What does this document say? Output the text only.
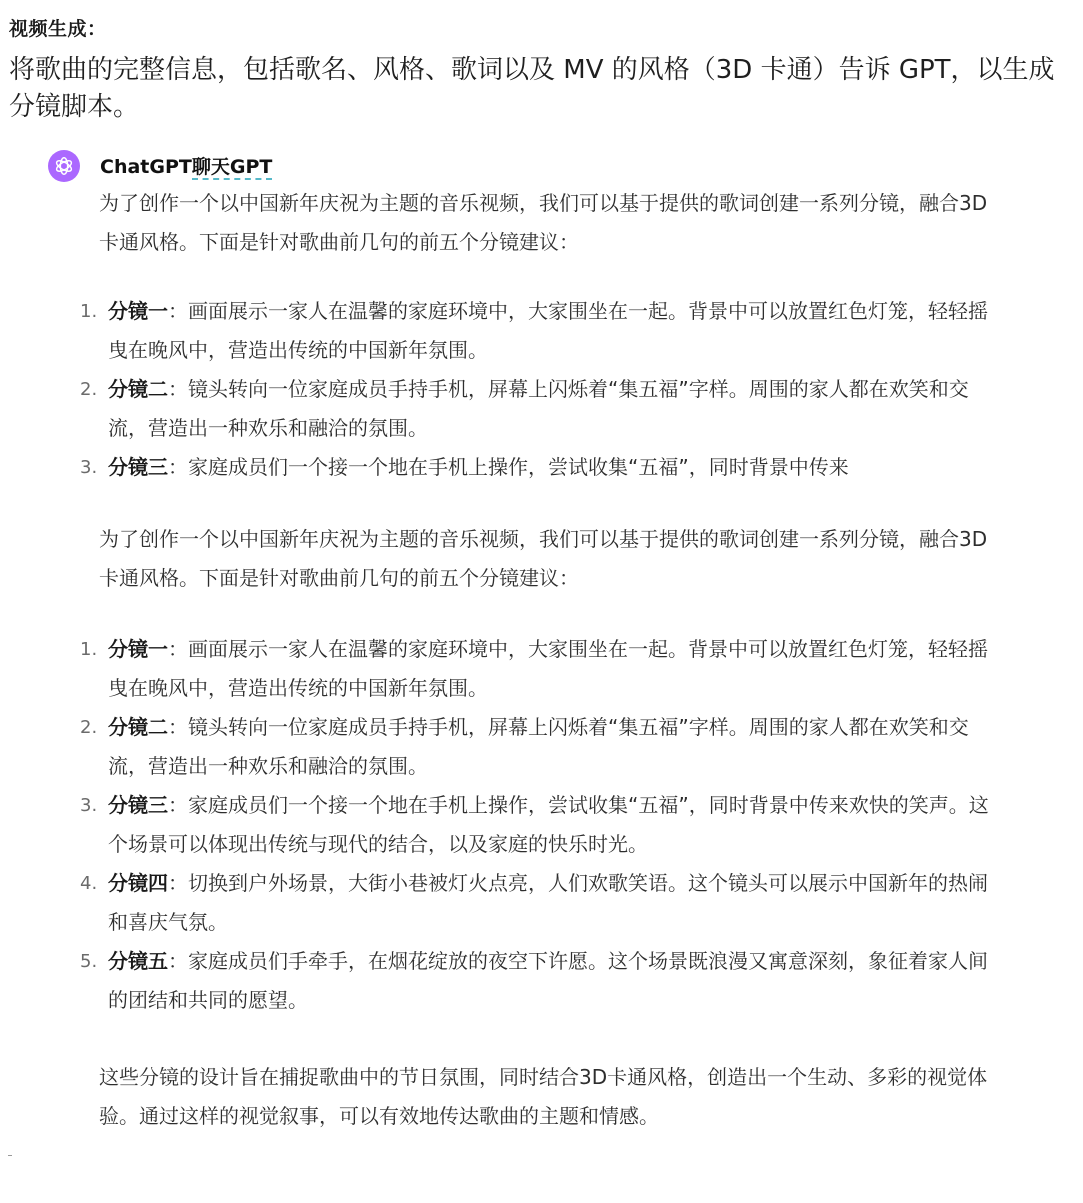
视频生成：
将歌曲的完整信息，包括歌名、风格、歌词以及 MV 的风格（3D 卡通）告诉 GPT，以生成分镜脚本。
ChatGPT聊天GPT
为了创作一个以中国新年庆祝为主题的音乐视频，我们可以基于提供的歌词创建一系列分镜，融合3D卡通风格。下面是针对歌曲前几句的前五个分镜建议：
1. 分镜一：画面展示一家人在温馨的家庭环境中，大家围坐在一起。背景中可以放置红色灯笼，轻轻摇曳在晚风中，营造出传统的中国新年氛围。
2. 分镜二：镜头转向一位家庭成员手持手机，屏幕上闪烁着“集五福”字样。周围的家人都在欢笑和交流，营造出一种欢乐和融洽的氛围。
3. 分镜三：家庭成员们一个接一个地在手机上操作，尝试收集“五福”，同时背景中传来
为了创作一个以中国新年庆祝为主题的音乐视频，我们可以基于提供的歌词创建一系列分镜，融合3D卡通风格。下面是针对歌曲前几句的前五个分镜建议：
1. 分镜一：画面展示一家人在温馨的家庭环境中，大家围坐在一起。背景中可以放置红色灯笼，轻轻摇曳在晚风中，营造出传统的中国新年氛围。
2. 分镜二：镜头转向一位家庭成员手持手机，屏幕上闪烁着“集五福”字样。周围的家人都在欢笑和交流，营造出一种欢乐和融洽的氛围。
3. 分镜三：家庭成员们一个接一个地在手机上操作，尝试收集“五福”，同时背景中传来欢快的笑声。这个场景可以体现出传统与现代的结合，以及家庭的快乐时光。
4. 分镜四：切换到户外场景，大街小巷被灯火点亮，人们欢歌笑语。这个镜头可以展示中国新年的热闹和喜庆气氛。
5. 分镜五：家庭成员们手牵手，在烟花绽放的夜空下许愿。这个场景既浪漫又寓意深刻，象征着家人间的团结和共同的愿望。
这些分镜的设计旨在捕捉歌曲中的节日氛围，同时结合3D卡通风格，创造出一个生动、多彩的视觉体验。通过这样的视觉叙事，可以有效地传达歌曲的主题和情感。
